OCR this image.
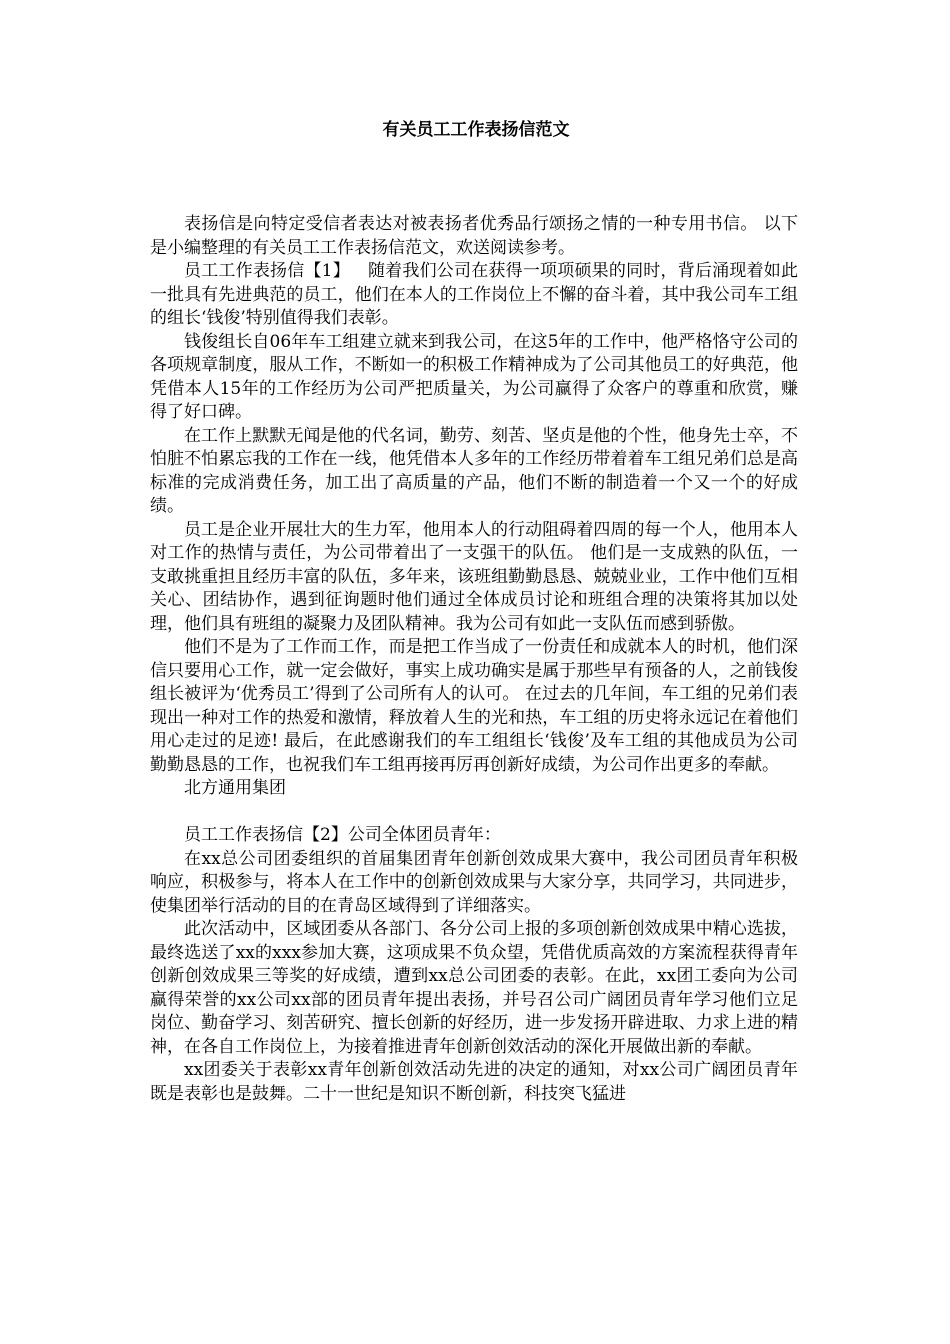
有关员工工作表扬信范文

表扬信是向特定受信者表达对被表扬者优秀品行颂扬之情的一种专用书信。 以下是小编整理的有关员工工作表扬信范文，欢送阅读参考。

员工工作表扬信【1】 随着我们公司在获得一项项硕果的同时，背后涌现着如此一批具有先进典范的员工，他们在本人的工作岗位上不懈的奋斗着，其中我公司车工组的组长‘钱俊’特别值得我们表彰。

钱俊组长自06年车工组建立就来到我公司，在这5年的工作中，他严格恪守公司的各项规章制度，服从工作，不断如一的积极工作精神成为了公司其他员工的好典范，他凭借本人15年的工作经历为公司严把质量关，为公司赢得了众客户的尊重和欣赏，赚得了好口碑。

在工作上默默无闻是他的代名词，勤劳、刻苦、坚贞是他的个性，他身先士卒，不怕脏不怕累忘我的工作在一线，他凭借本人多年的工作经历带着着车工组兄弟们总是高标准的完成消费任务，加工出了高质量的产品，他们不断的制造着一个又一个的好成绩。

员工是企业开展壮大的生力军，他用本人的行动阻碍着四周的每一个人，他用本人对工作的热情与责任，为公司带着出了一支强干的队伍。 他们是一支成熟的队伍，一支敢挑重担且经历丰富的队伍，多年来，该班组勤勤恳恳、兢兢业业，工作中他们互相关心、团结协作，遇到征询题时他们通过全体成员讨论和班组合理的决策将其加以处理，他们具有班组的凝聚力及团队精神。我为公司有如此一支队伍而感到骄傲。

他们不是为了工作而工作，而是把工作当成了一份责任和成就本人的时机，他们深信只要用心工作，就一定会做好，事实上成功确实是属于那些早有预备的人，之前钱俊组长被评为‘优秀员工’得到了公司所有人的认可。 在过去的几年间，车工组的兄弟们表现出一种对工作的热爱和激情，释放着人生的光和热，车工组的历史将永远记在着他们用心走过的足迹! 最后，在此感谢我们的车工组组长‘钱俊’及车工组的其他成员为公司勤勤恳恳的工作，也祝我们车工组再接再厉再创新好成绩，为公司作出更多的奉献。

北方通用集团

员工工作表扬信【2】公司全体团员青年：

在xx总公司团委组织的首届集团青年创新创效成果大赛中，我公司团员青年积极响应，积极参与，将本人在工作中的创新创效成果与大家分享，共同学习，共同进步，使集团举行活动的目的在青岛区域得到了详细落实。

此次活动中，区域团委从各部门、各分公司上报的多项创新创效成果中精心选拔，最终选送了xx的xxx参加大赛，这项成果不负众望，凭借优质高效的方案流程获得青年创新创效成果三等奖的好成绩，遭到xx总公司团委的表彰。在此，xx团工委向为公司赢得荣誉的xx公司xx部的团员青年提出表扬，并号召公司广阔团员青年学习他们立足岗位、勤奋学习、刻苦研究、擅长创新的好经历，进一步发扬开辟进取、力求上进的精神，在各自工作岗位上，为接着推进青年创新创效活动的深化开展做出新的奉献。

xx团委关于表彰xx青年创新创效活动先进的决定的通知，对xx公司广阔团员青年既是表彰也是鼓舞。二十一世纪是知识不断创新，科技突飞猛进
